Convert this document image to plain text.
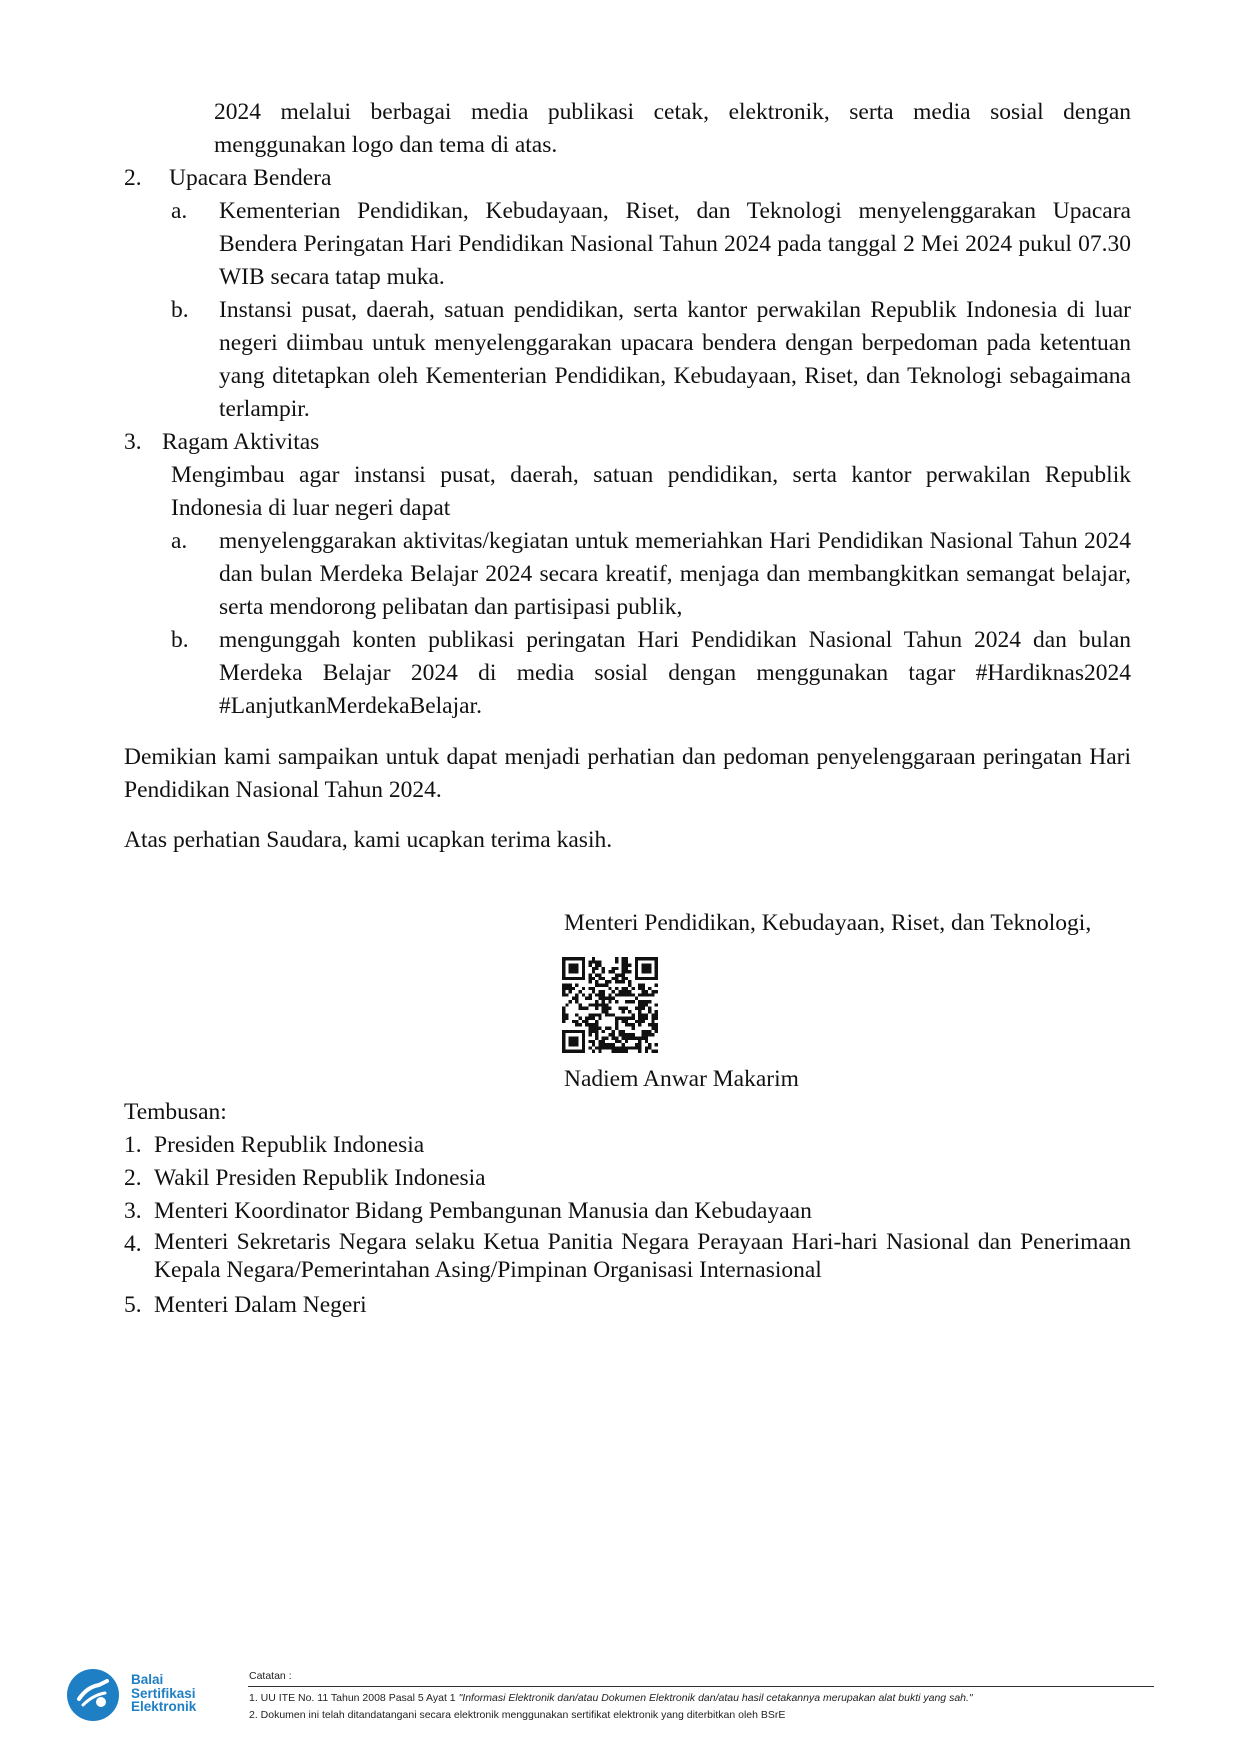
2024 melalui berbagai media publikasi cetak, elektronik, serta media sosial dengan
menggunakan logo dan tema di atas.
2. Upacara Bendera
a. Kementerian Pendidikan, Kebudayaan, Riset, dan Teknologi menyelenggarakan Upacara Bendera Peringatan Hari Pendidikan Nasional Tahun 2024 pada tanggal 2 Mei 2024 pukul 07.30 WIB secara tatap muka.
b. Instansi pusat, daerah, satuan pendidikan, serta kantor perwakilan Republik Indonesia di luar negeri diimbau untuk menyelenggarakan upacara bendera dengan berpedoman pada ketentuan yang ditetapkan oleh Kementerian Pendidikan, Kebudayaan, Riset, dan Teknologi sebagaimana terlampir.
3. Ragam Aktivitas
Mengimbau agar instansi pusat, daerah, satuan pendidikan, serta kantor perwakilan Republik Indonesia di luar negeri dapat
a. menyelenggarakan aktivitas/kegiatan untuk memeriahkan Hari Pendidikan Nasional Tahun 2024 dan bulan Merdeka Belajar 2024 secara kreatif, menjaga dan membangkitkan semangat belajar, serta mendorong pelibatan dan partisipasi publik,
b. mengunggah konten publikasi peringatan Hari Pendidikan Nasional Tahun 2024 dan bulan Merdeka Belajar 2024 di media sosial dengan menggunakan tagar #Hardiknas2024 #LanjutkanMerdekaBelajar.
Demikian kami sampaikan untuk dapat menjadi perhatian dan pedoman penyelenggaraan peringatan Hari Pendidikan Nasional Tahun 2024.
Atas perhatian Saudara, kami ucapkan terima kasih.
Menteri Pendidikan, Kebudayaan, Riset, dan Teknologi,
Nadiem Anwar Makarim
Tembusan:
1. Presiden Republik Indonesia
2. Wakil Presiden Republik Indonesia
3. Menteri Koordinator Bidang Pembangunan Manusia dan Kebudayaan
4. Menteri Sekretaris Negara selaku Ketua Panitia Negara Perayaan Hari-hari Nasional dan Penerimaan Kepala Negara/Pemerintahan Asing/Pimpinan Organisasi Internasional
5. Menteri Dalam Negeri
Balai
Sertifikasi
Elektronik
Catatan :
1. UU ITE No. 11 Tahun 2008 Pasal 5 Ayat 1 "Informasi Elektronik dan/atau Dokumen Elektronik dan/atau hasil cetakannya merupakan alat bukti yang sah."
2. Dokumen ini telah ditandatangani secara elektronik menggunakan sertifikat elektronik yang diterbitkan oleh BSrE
